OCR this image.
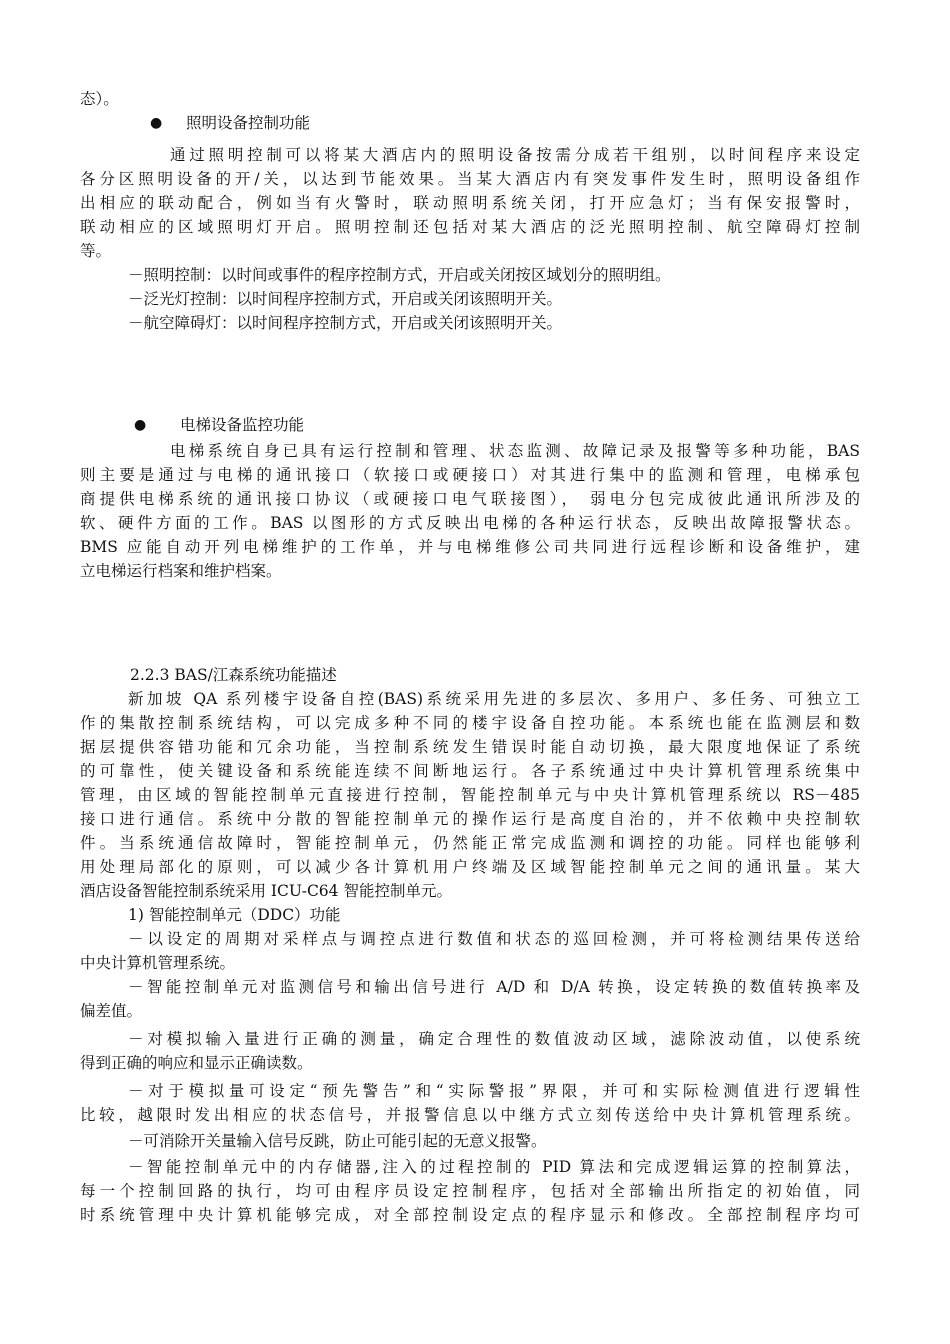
态）。
● 照明设备控制功能
通过照明控制可以将某大酒店内的照明设备按需分成若干组别，以时间程序来设定
各分区照明设备的开/关，以达到节能效果。当某大酒店内有突发事件发生时，照明设备组作
出相应的联动配合，例如当有火警时，联动照明系统关闭，打开应急灯；当有保安报警时，
联动相应的区域照明灯开启。照明控制还包括对某大酒店的泛光照明控制、航空障碍灯控制
等。
－照明控制：以时间或事件的程序控制方式，开启或关闭按区域划分的照明组。
－泛光灯控制：以时间程序控制方式，开启或关闭该照明开关。
－航空障碍灯：以时间程序控制方式，开启或关闭该照明开关。
● 电梯设备监控功能
电梯系统自身已具有运行控制和管理、状态监测、故障记录及报警等多种功能，BAS
则主要是通过与电梯的通讯接口（软接口或硬接口）对其进行集中的监测和管理，电梯承包
商提供电梯系统的通讯接口协议（或硬接口电气联接图）， 弱电分包完成彼此通讯所涉及的
软、硬件方面的工作。BAS 以图形的方式反映出电梯的各种运行状态，反映出故障报警状态。
BMS 应能自动开列电梯维护的工作单，并与电梯维修公司共同进行远程诊断和设备维护，建
立电梯运行档案和维护档案。
2.2.3 BAS/江森系统功能描述
新加坡 QA 系列楼宇设备自控(BAS)系统采用先进的多层次、多用户、多任务、可独立工
作的集散控制系统结构，可以完成多种不同的楼宇设备自控功能。本系统也能在监测层和数
据层提供容错功能和冗余功能，当控制系统发生错误时能自动切换，最大限度地保证了系统
的可靠性，使关键设备和系统能连续不间断地运行。各子系统通过中央计算机管理系统集中
管理，由区域的智能控制单元直接进行控制，智能控制单元与中央计算机管理系统以 RS－485
接口进行通信。系统中分散的智能控制单元的操作运行是高度自治的，并不依赖中央控制软
件。当系统通信故障时，智能控制单元，仍然能正常完成监测和调控的功能。同样也能够利
用处理局部化的原则，可以减少各计算机用户终端及区域智能控制单元之间的通讯量。某大
酒店设备智能控制系统采用 ICU-C64 智能控制单元。
1) 智能控制单元（DDC）功能
－以设定的周期对采样点与调控点进行数值和状态的巡回检测，并可将检测结果传送给
中央计算机管理系统。
－智能控制单元对监测信号和输出信号进行 A/D 和 D/A 转换，设定转换的数值转换率及
偏差值。
－对模拟输入量进行正确的测量，确定合理性的数值波动区域，滤除波动值，以使系统
得到正确的响应和显示正确读数。
－对于模拟量可设定“预先警告”和“实际警报”界限，并可和实际检测值进行逻辑性
比较，越限时发出相应的状态信号，并报警信息以中继方式立刻传送给中央计算机管理系统。
－可消除开关量输入信号反跳，防止可能引起的无意义报警。
－智能控制单元中的内存储器,注入的过程控制的 PID 算法和完成逻辑运算的控制算法，
每一个控制回路的执行，均可由程序员设定控制程序，包括对全部输出所指定的初始值，同
时系统管理中央计算机能够完成，对全部控制设定点的程序显示和修改。全部控制程序均可
